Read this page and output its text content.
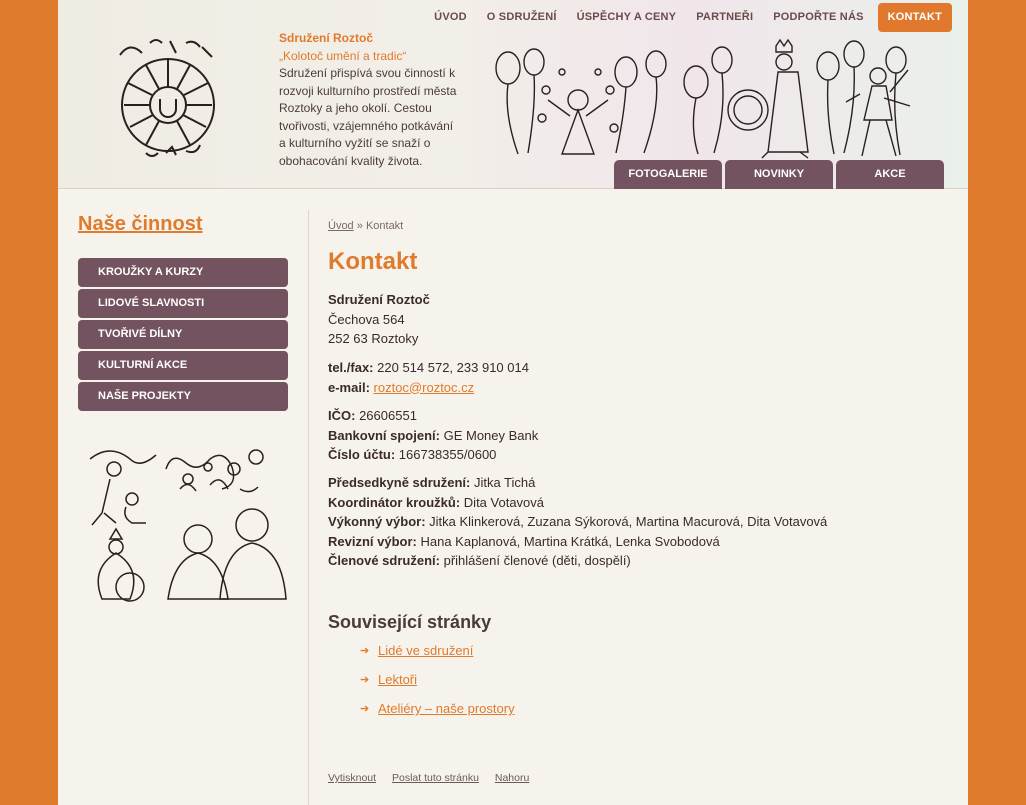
ÚVOD	O SDRUŽENÍ	ÚSPĚCHY A CENY	PARTNEŘI	PODPOŘTE NÁS	KONTAKT
Sdružení Roztoč
„Kolotoč umění a tradic“
Sdružení přispívá svou činností k rozvoji kulturního prostředí města Roztoky a jeho okolí. Cestou tvořivosti, vzájemného potkávání a kulturního vyžití se snaží o obohacování kvality života.
FOTOGALERIE	NOVINKY	AKCE
Naše činnost
KROUŽKY A KURZY
LIDOVÉ SLAVNOSTI
TVOŘIVÉ DÍLNY
KULTURNÍ AKCE
NAŠE PROJEKTY
Úvod » Kontakt
Kontakt
Sdružení Roztoč
Čechova 564
252 63 Roztoky
tel./fax: 220 514 572, 233 910 014
e-mail: roztoc@roztoc.cz
IČO: 26606551
Bankovní spojení: GE Money Bank
Číslo účtu: 166738355/0600
Předsedkyně sdružení: Jitka Tichá
Koordinátor kroužků: Dita Votavová
Výkonný výbor: Jitka Klinkerová, Zuzana Sýkorová, Martina Macurová, Dita Votavová
Revizní výbor: Hana Kaplanová, Martina Krátká, Lenka Svobodová
Členové sdružení: přihlášení členové (děti, dospělí)
Související stránky
➔ Lidé ve sdružení
➔ Lektoři
➔ Ateliéry – naše prostory
Vytisknout Poslat tuto stránku Nahoru
